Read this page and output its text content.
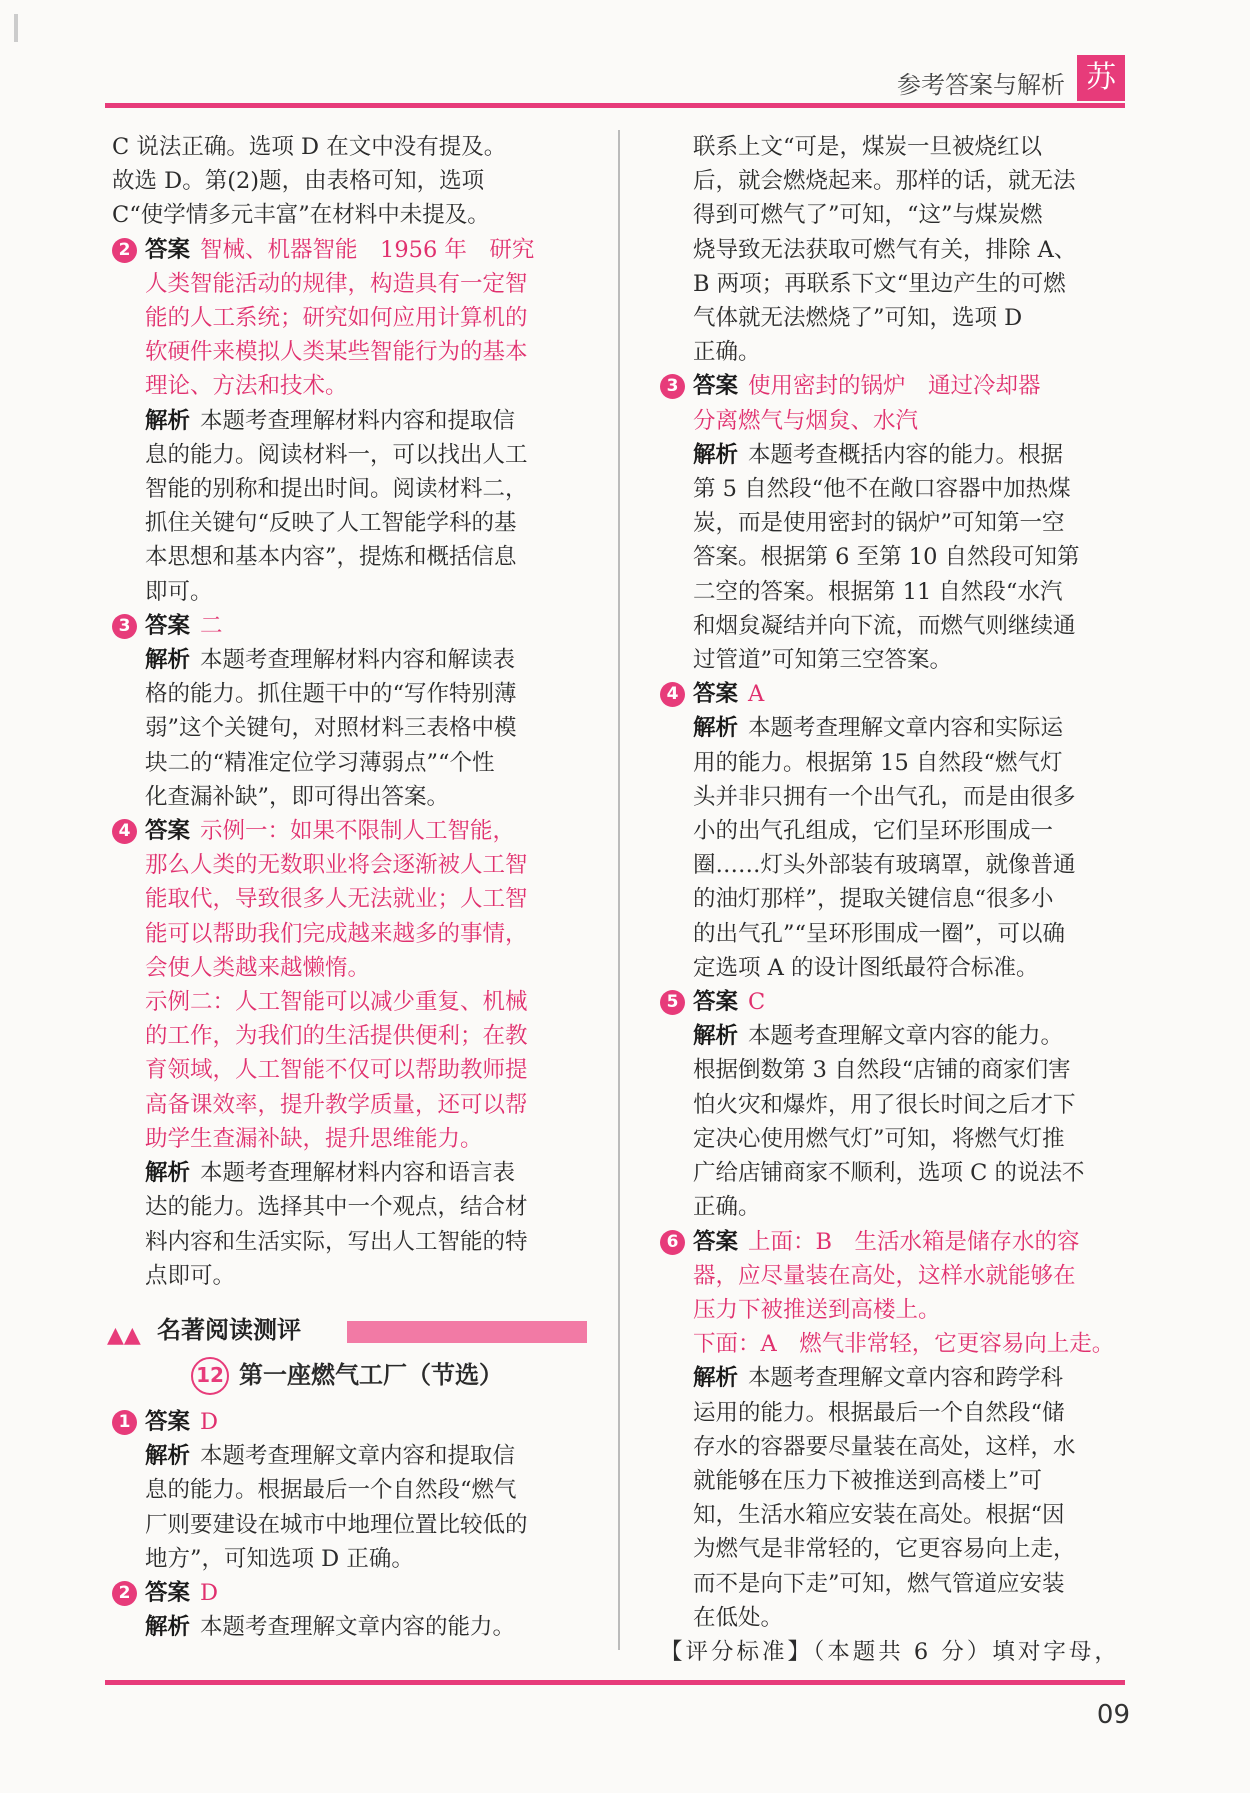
参考答案与解析 苏

C 说法正确。选项 D 在文中没有提及。

故选 D。第(2)题，由表格可知，选项

C“使学情多元丰富”在材料中未提及。

2 答案 智械、机器智能　1956 年　研究
人类智能活动的规律，构造具有一定智
能的人工系统；研究如何应用计算机的
软硬件来模拟人类某些智能行为的基本
理论、方法和技术。
解析 本题考查理解材料内容和提取信
息的能力。阅读材料一，可以找出人工
智能的别称和提出时间。阅读材料二，
抓住关键句“反映了人工智能学科的基
本思想和基本内容”，提炼和概括信息
即可。
3 答案 二
解析 本题考查理解材料内容和解读表
格的能力。抓住题干中的“写作特别薄
弱”这个关键句，对照材料三表格中模
块二的“精准定位学习薄弱点”“个性
化查漏补缺”，即可得出答案。
4 答案 示例一：如果不限制人工智能，
那么人类的无数职业将会逐渐被人工智
能取代，导致很多人无法就业；人工智
能可以帮助我们完成越来越多的事情，
会使人类越来越懒惰。
示例二：人工智能可以减少重复、机械
的工作，为我们的生活提供便利；在教
育领域，人工智能不仅可以帮助教师提
高备课效率，提升教学质量，还可以帮
助学生查漏补缺，提升思维能力。
解析 本题考查理解材料内容和语言表
达的能力。选择其中一个观点，结合材
料内容和生活实际，写出人工智能的特
点即可。
▲▲ 名著阅读测评
12 第一座燃气工厂（节选）
1 答案 D
解析 本题考查理解文章内容和提取信
息的能力。根据最后一个自然段“燃气
厂则要建设在城市中地理位置比较低的
地方”，可知选项 D 正确。
2 答案 D
解析 本题考查理解文章内容的能力。
联系上文“可是，煤炭一旦被烧红以
后，就会燃烧起来。那样的话，就无法
得到可燃气了”可知，“这”与煤炭燃
烧导致无法获取可燃气有关，排除 A、
B 两项；再联系下文“里边产生的可燃
气体就无法燃烧了”可知，选项 D
正确。
3 答案 使用密封的锅炉　通过冷却器
分离燃气与烟炱、水汽
解析 本题考查概括内容的能力。根据
第 5 自然段“他不在敞口容器中加热煤
炭，而是使用密封的锅炉”可知第一空
答案。根据第 6 至第 10 自然段可知第
二空的答案。根据第 11 自然段“水汽
和烟炱凝结并向下流，而燃气则继续通
过管道”可知第三空答案。
4 答案 A
解析 本题考查理解文章内容和实际运
用的能力。根据第 15 自然段“燃气灯
头并非只拥有一个出气孔，而是由很多
小的出气孔组成，它们呈环形围成一
圈……灯头外部装有玻璃罩，就像普通
的油灯那样”，提取关键信息“很多小
的出气孔”“呈环形围成一圈”，可以确
定选项 A 的设计图纸最符合标准。
5 答案 C
解析 本题考查理解文章内容的能力。
根据倒数第 3 自然段“店铺的商家们害
怕火灾和爆炸，用了很长时间之后才下
定决心使用燃气灯”可知，将燃气灯推
广给店铺商家不顺利，选项 C 的说法不
正确。
6 答案 上面：B　生活水箱是储存水的容
器，应尽量装在高处，这样水就能够在
压力下被推送到高楼上。
下面：A　燃气非常轻，它更容易向上走。
解析 本题考查理解文章内容和跨学科
运用的能力。根据最后一个自然段“储
存水的容器要尽量装在高处，这样，水
就能够在压力下被推送到高楼上”可
知，生活水箱应安装在高处。根据“因
为燃气是非常轻的，它更容易向上走，
而不是向下走”可知，燃气管道应安装
在低处。
【评分标准】（本题共 6 分）填对字母，
09
